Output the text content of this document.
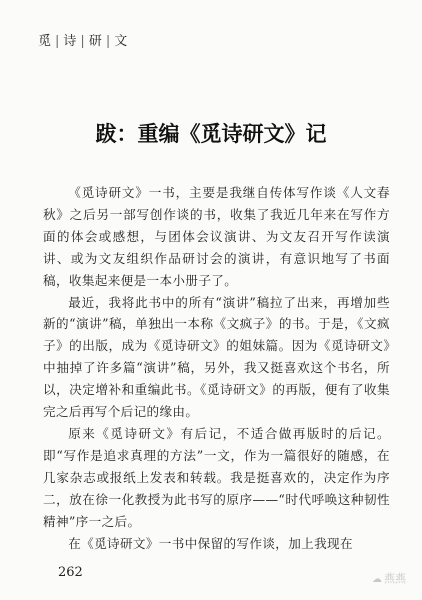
觅 | 诗 | 研 | 文
跋：重编《觅诗研文》记

《觅诗研文》一书，主要是我继自传体写作谈《人文春秋》之后另一部写创作谈的书，收集了我近几年来在写作方面的体会或感想，与团体会议演讲、为文友召开写作读演讲、或为文友组织作品研讨会的演讲，有意识地写了书面稿，收集起来便是一本小册子了。

最近，我将此书中的所有“演讲”稿拉了出来，再增加些新的“演讲”稿，单独出一本称《文疯子》的书。于是，《文疯子》的出版，成为《觅诗研文》的姐妹篇。因为《觅诗研文》中抽掉了许多篇“演讲”稿，另外，我又挺喜欢这个书名，所以，决定增补和重编此书。《觅诗研文》的再版，便有了收集完之后再写个后记的缘由。

原来《觅诗研文》有后记，不适合做再版时的后记。即“写作是追求真理的方法”一文，作为一篇很好的随感，在几家杂志或报纸上发表和转载。我是挺喜欢的，决定作为序二，放在徐一化教授为此书写的原序——“时代呼唤这种韧性精神”序一之后。

在《觅诗研文》一书中保留的写作谈，加上我现在

262	☁ 燕燕
